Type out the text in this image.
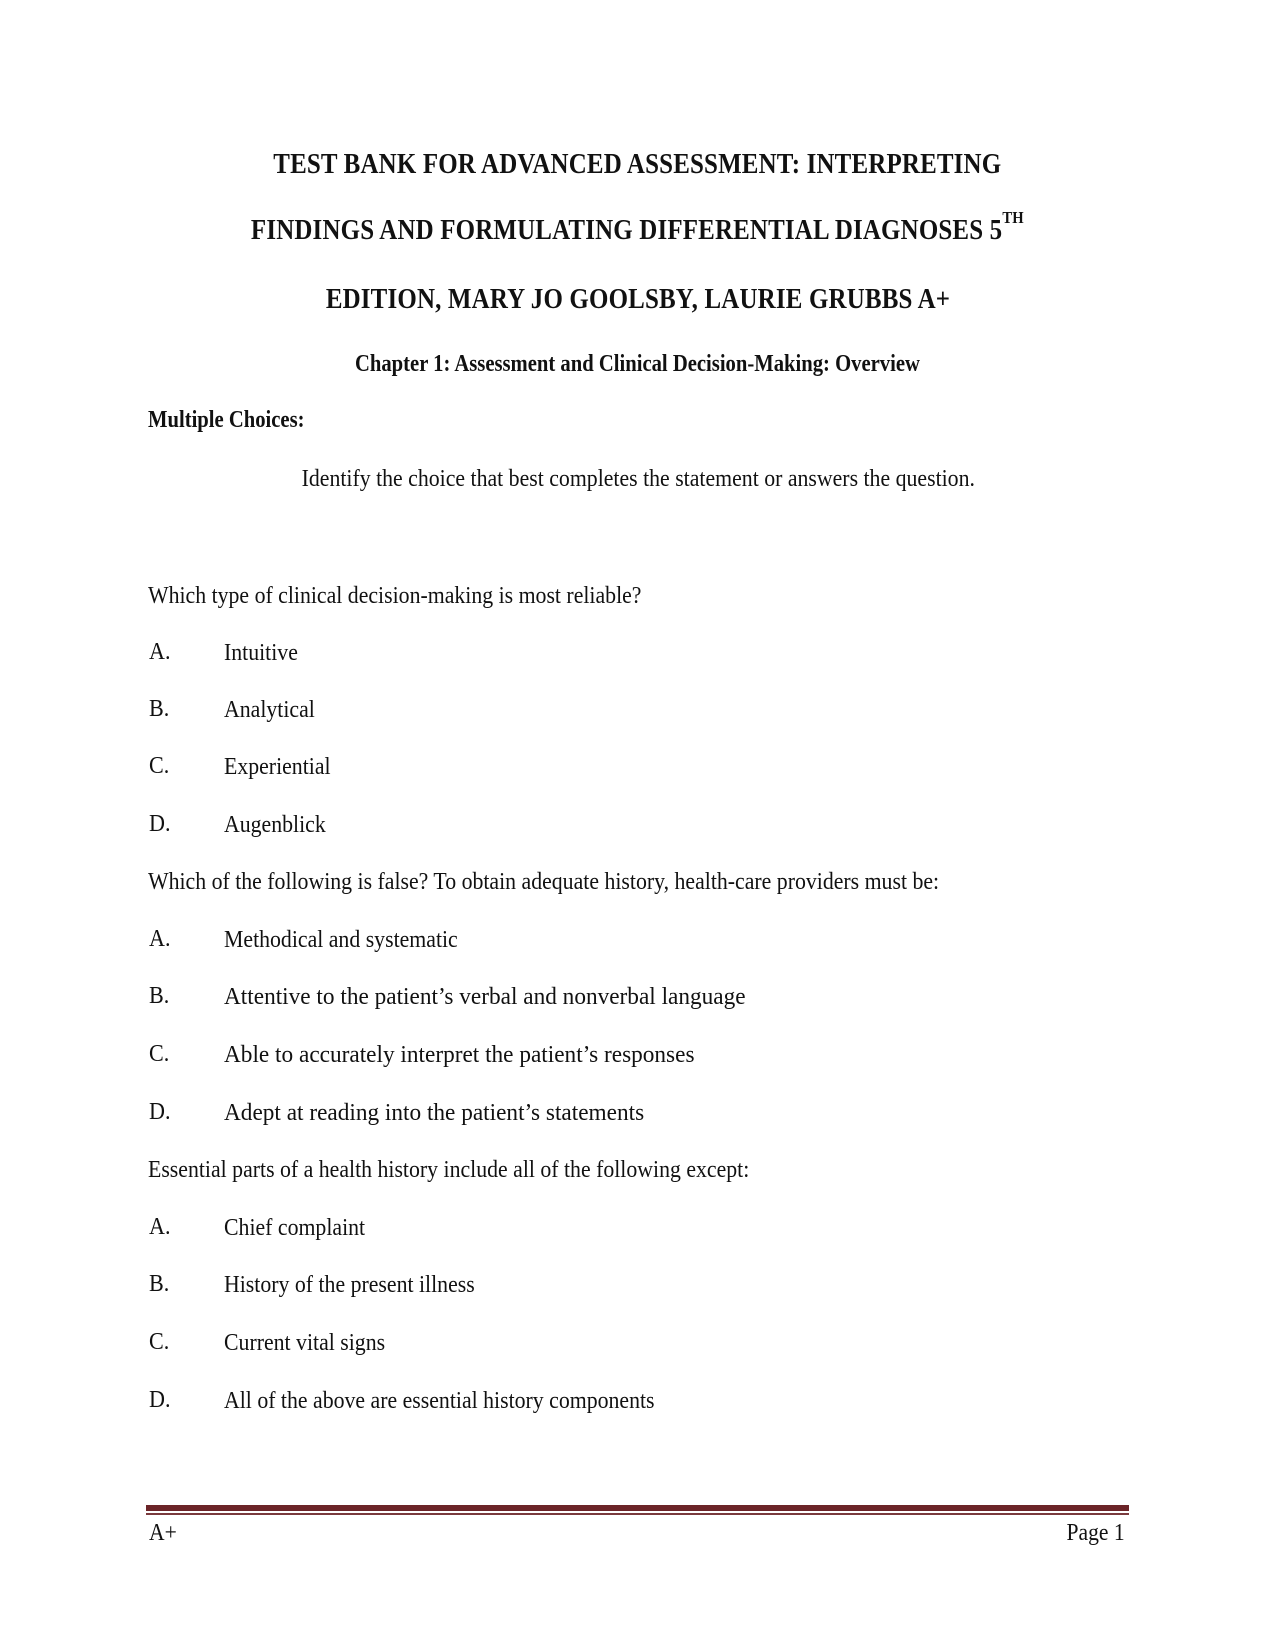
TEST BANK FOR ADVANCED ASSESSMENT: INTERPRETING
FINDINGS AND FORMULATING DIFFERENTIAL DIAGNOSES 5TH
EDITION, MARY JO GOOLSBY, LAURIE GRUBBS A+
Chapter 1: Assessment and Clinical Decision-Making: Overview
Multiple Choices:
Identify the choice that best completes the statement or answers the question.
Which type of clinical decision-making is most reliable?
A. Intuitive
B. Analytical
C. Experiential
D. Augenblick
Which of the following is false? To obtain adequate history, health-care providers must be:
A. Methodical and systematic
B. Attentive to the patient’s verbal and nonverbal language
C. Able to accurately interpret the patient’s responses
D. Adept at reading into the patient’s statements
Essential parts of a health history include all of the following except:
A. Chief complaint
B. History of the present illness
C. Current vital signs
D. All of the above are essential history components
A+	Page 1
